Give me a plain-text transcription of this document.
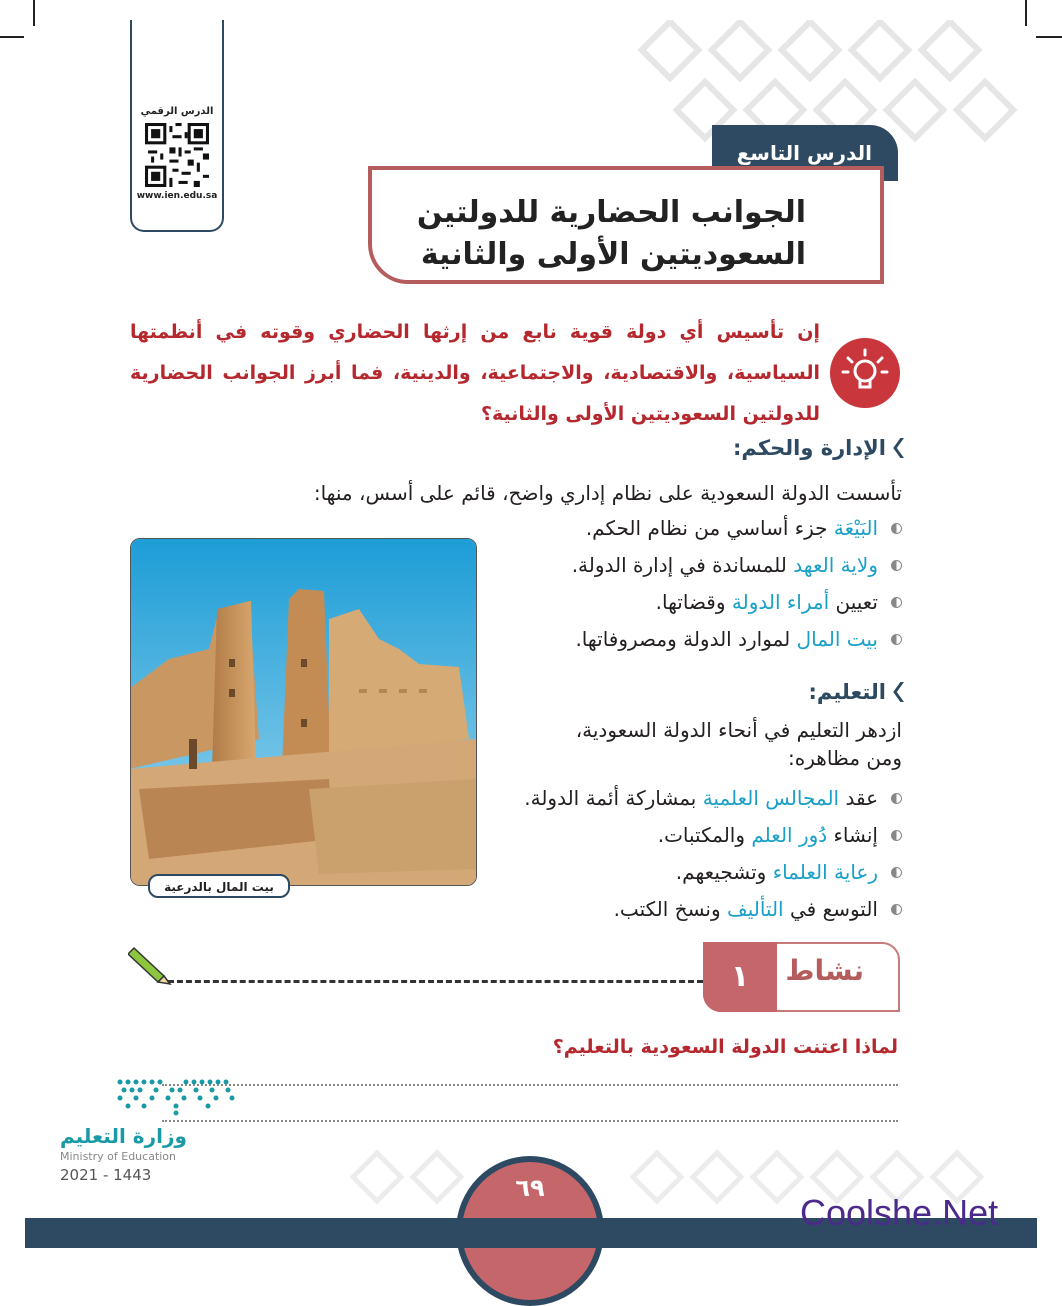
الدرس الرقمي
www.ien.edu.sa
الدرس التاسع
الجوانب الحضارية للدولتين
السعوديتين الأولى والثانية
إن تأسيس أي دولة قوية نابع من إرثها الحضاري وقوته في أنظمتها السياسية، والاقتصادية، والاجتماعية، والدينية، فما أبرز الجوانب الحضارية للدولتين السعوديتين الأولى والثانية؟
الإدارة والحكم:
تأسست الدولة السعودية على نظام إداري واضح، قائم على أسس، منها:
البَيْعَة جزء أساسي من نظام الحكم.
ولاية العهد للمساندة في إدارة الدولة.
تعيين أمراء الدولة وقضاتها.
بيت المال لموارد الدولة ومصروفاتها.
بيت المال بالدرعية
التعليم:
ازدهر التعليم في أنحاء الدولة السعودية،
ومن مظاهره:
عقد المجالس العلمية بمشاركة أئمة الدولة.
إنشاء دُور العلم والمكتبات.
رعاية العلماء وتشجيعهم.
التوسع في التأليف ونسخ الكتب.
نشاط
١
لماذا اعتنت الدولة السعودية بالتعليم؟
وزارة التعليم
Ministry of Education
2021 - 1443	٦٩
Coolshe.Net
